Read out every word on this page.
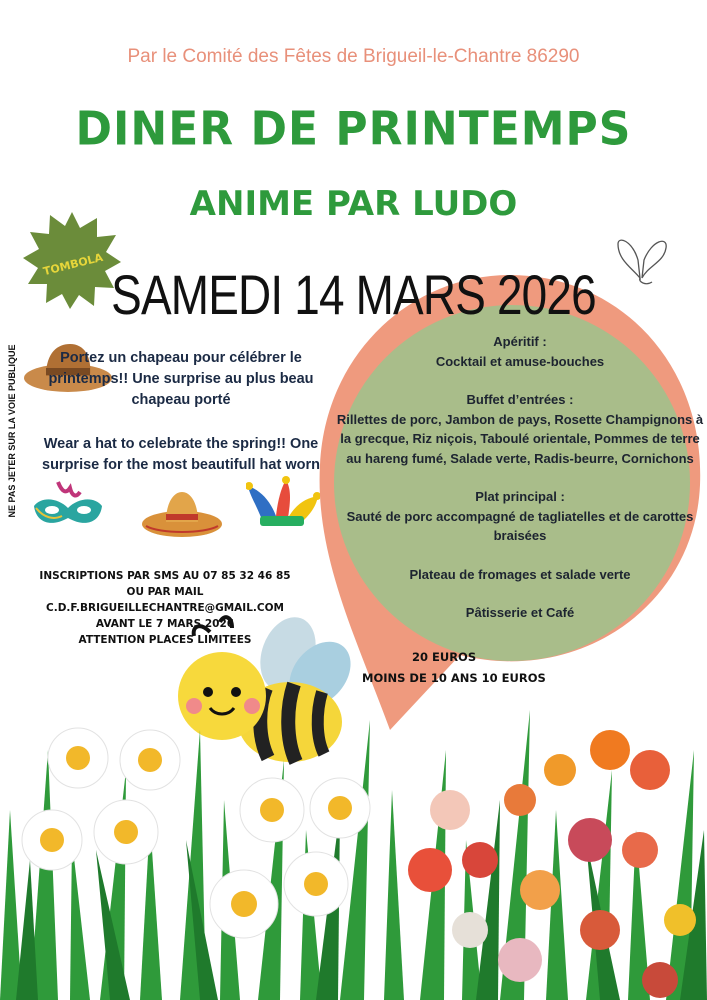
Par le Comité des Fêtes de Brigueil-le-Chantre 86290
DINER DE PRINTEMPS
ANIME PAR LUDO
TOMBOLA SAMEDI 14 MARS 2026
NE PAS JETER SUR LA VOIE PUBLIQUE	Portez un chapeau pour célébrer le printemps!! Une surprise au plus beau chapeau porté
Wear a hat to celebrate the spring!! One surprise for the most beautifull hat worn
INSCRIPTIONS PAR SMS AU 07 85 32 46 85
OU PAR MAIL C.D.F.BRIGUEILLECHANTRE@GMAIL.COM
AVANT LE 7 MARS 2026
ATTENTION PLACES LIMITEES
Apéritif :
Cocktail et amuse-bouches
Buffet d’entrées :
Rillettes de porc, Jambon de pays, Rosette Champignons à la grecque, Riz niçois, Taboulé orientale, Pommes de terre au hareng fumé, Salade verte, Radis-beurre, Cornichons
Plat principal :
Sauté de porc accompagné de tagliatelles et de carottes braisées
Plateau de fromages et salade verte
Pâtisserie et Café
20 EUROS
MOINS DE 10 ANS 10 EUROS
